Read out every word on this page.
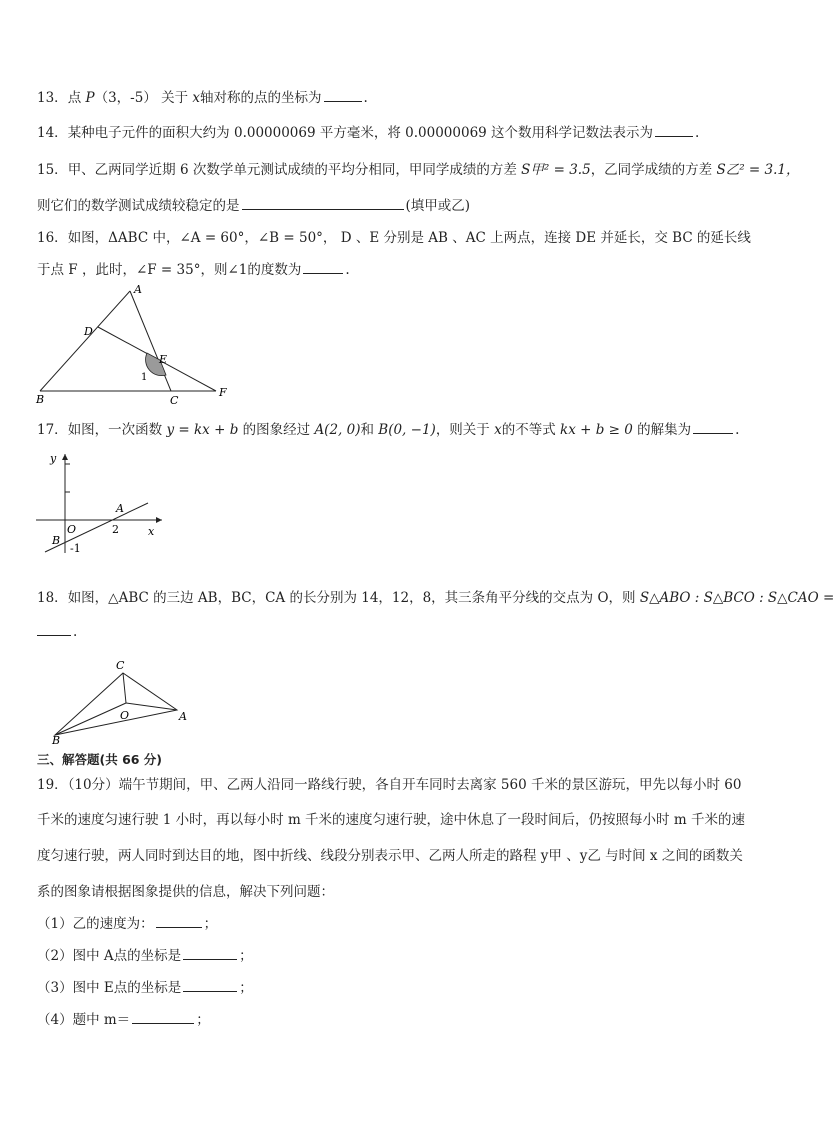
13．点 P（3，-5） 关于 x轴对称的点的坐标为	.
14．某种电子元件的面积大约为 0.00000069 平方毫米，将 0.00000069 这个数用科学记数法表示为	.
15．甲、乙两同学近期 6 次数学单元测试成绩的平均分相同，甲同学成绩的方差 S甲² = 3.5，乙同学成绩的方差 S乙² = 3.1，
则它们的数学测试成绩较稳定的是	(填甲或乙)
16．如图，ΔABC 中，∠A = 60°，∠B = 50°， D 、E 分别是 AB 、AC 上两点，连接 DE 并延长，交 BC 的延长线
于点 F ，此时，∠F = 35°，则∠1的度数为	.
A
D
E
1
B	C
F
17．如图，一次函数 y = kx + b 的图象经过 A(2, 0)和 B(0, −1)，则关于 x的不等式 kx + b ≥ 0 的解集为	.
y
A
O	2	x
B
-1
18．如图，△ABC 的三边 AB，BC，CA 的长分别为 14，12，8，其三条角平分线的交点为 O，则 S△ABO : S△BCO : S△CAO =
.
C
O	A
B
三、解答题(共 66 分)
19．（10分）端午节期间，甲、乙两人沿同一路线行驶，各自开车同时去离家 560 千米的景区游玩，甲先以每小时 60
千米的速度匀速行驶 1 小时，再以每小时 m 千米的速度匀速行驶，途中休息了一段时间后，仍按照每小时 m 千米的速
度匀速行驶，两人同时到达目的地，图中折线、线段分别表示甲、乙两人所走的路程 y甲 、y乙 与时间 x 之间的函数关
系的图象请根据图象提供的信息，解决下列问题：
（1）乙的速度为：	；
（2）图中 A点的坐标是	；
（3）图中 E点的坐标是	；
（4）题中 m＝	；
